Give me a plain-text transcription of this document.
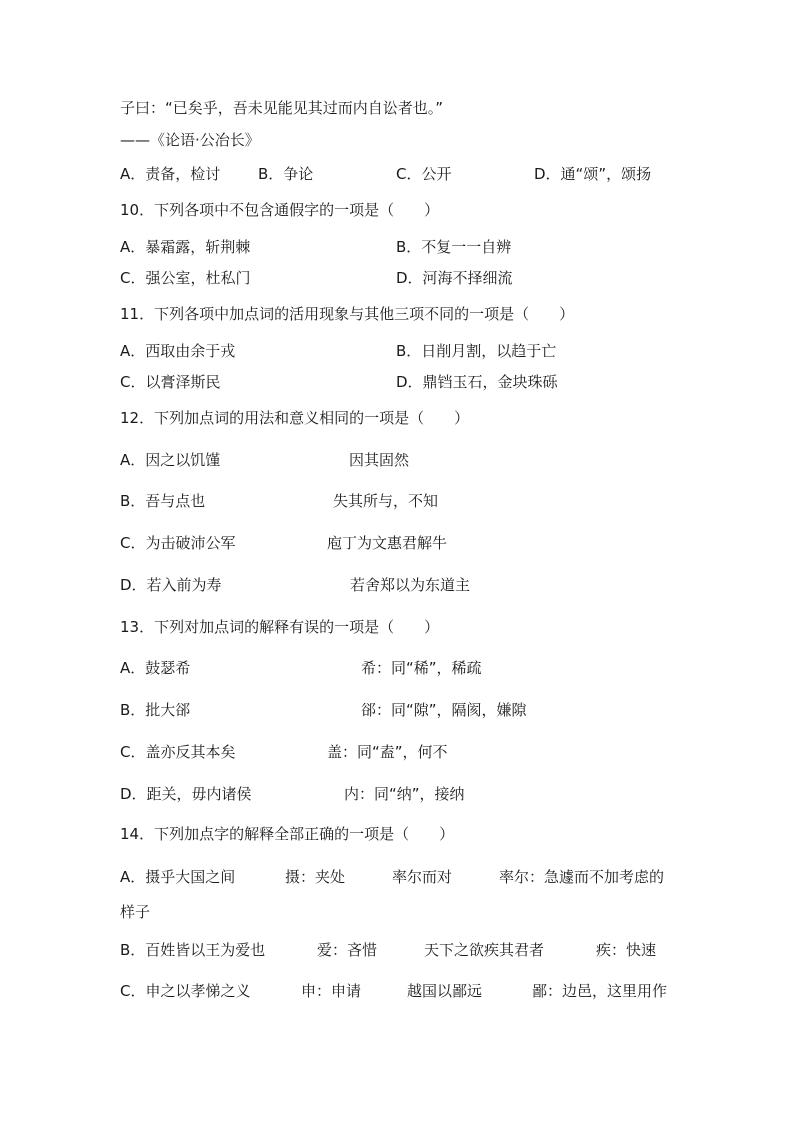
子曰：“已矣乎，吾未见能见其过而内自讼者也。”
——《论语·公冶长》
A．责备，检讨	B．争论	C．公开	D．通“颂”，颂扬
10．下列各项中不包含通假字的一项是（　　）
A．暴霜露，斩荆棘	B．不复一一自辨
C．强公室，杜私门	D．河海不择细流
11．下列各项中加点词的活用现象与其他三项不同的一项是（　　）
A．西取由余于戎	B．日削月割，以趋于亡
C．以膏泽斯民	D．鼎铛玉石，金块珠砾
12．下列加点词的用法和意义相同的一项是（　　）
A．因之以饥馑	因其固然
B．吾与点也	失其所与，不知
C．为击破沛公军	庖丁为文惠君解牛
D．若入前为寿	若舍郑以为东道主
13．下列对加点词的解释有误的一项是（　　）
A．鼓瑟希	希：同“稀”，稀疏
B．批大郤	郤：同“隙”，隔阂，嫌隙
C．盖亦反其本矣	盖：同“盍”，何不
D．距关，毋内诸侯	内：同“纳”，接纳
14．下列加点字的解释全部正确的一项是（　　）
A．摄乎大国之间	摄：夹处	率尔而对	率尔：急遽而不加考虑的
样子
B．百姓皆以王为爱也	爱：吝惜	天下之欲疾其君者	疾：快速
C．申之以孝悌之义	申：申请	越国以鄙远	鄙：边邑，这里用作
